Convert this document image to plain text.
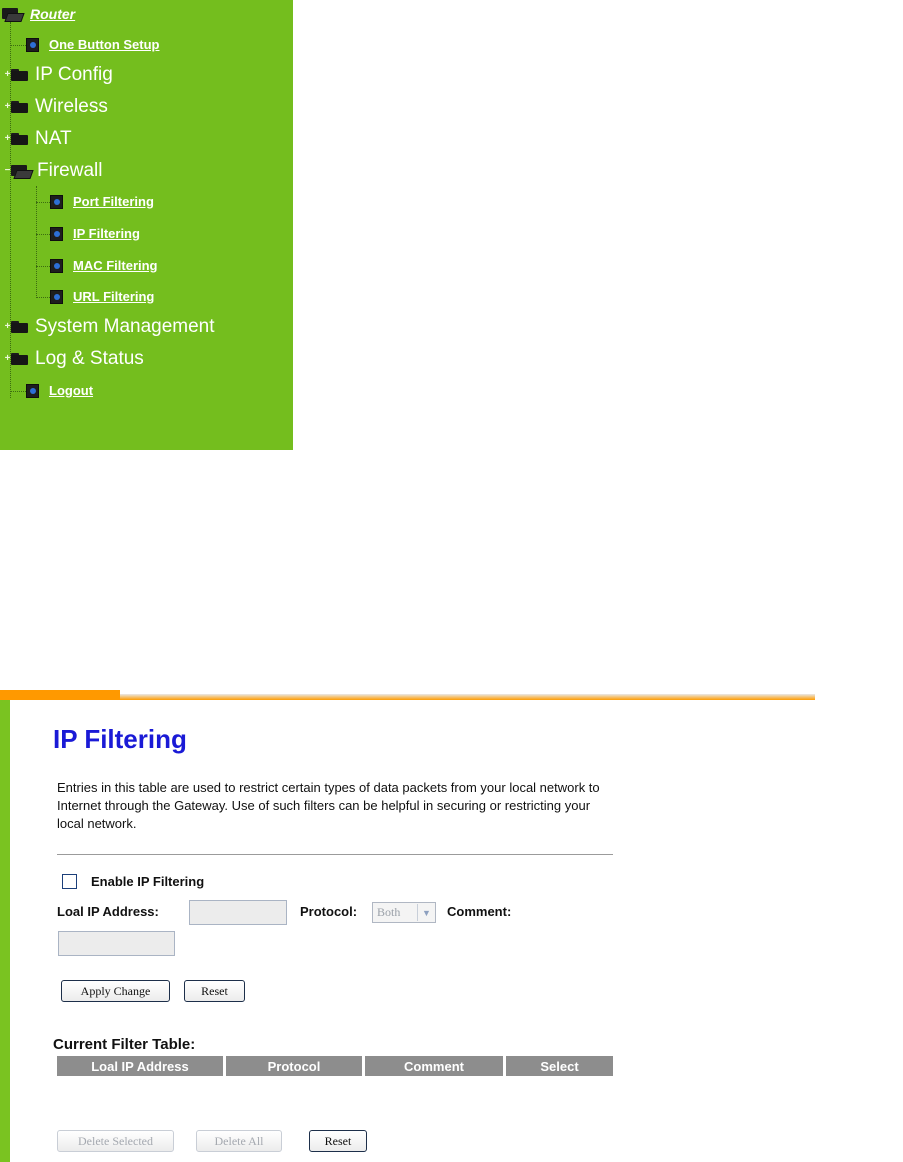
Router
One Button Setup
+ IP Config
+ Wireless
+ NAT
− Firewall
Port Filtering
IP Filtering
MAC Filtering
URL Filtering
+ System Management
+ Log & Status
Logout
IP Filtering

Entries in this table are used to restrict certain types of data packets from your local network to Internet through the Gateway. Use of such filters can be helpful in securing or restricting your local network.

Enable IP Filtering
Loal IP Address:	Protocol:	Both	▼	Comment:
Apply Change	Reset
Current Filter Table:
Loal IP Address	Protocol	Comment	Select
Delete Selected	Delete All	Reset
